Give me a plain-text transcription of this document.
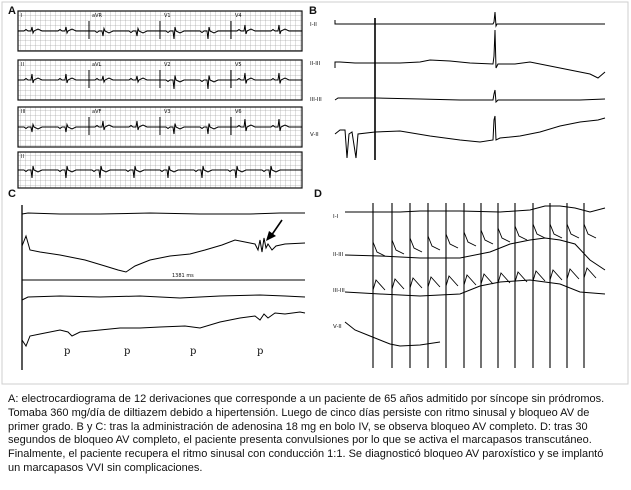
A I	aVR	V1	V4
II	aVL	V2	V5
III	aVF	V3	V6
II
B
I-II
II-III
III-III
V-II
C
1381 ms
p	p	p	p
D
I-I
II-III
III-III
V-II
A: electrocardiograma de 12 derivaciones que corresponde a un paciente de 65 años admitido por síncope sin pródromos.
Tomaba 360 mg/día de diltiazem debido a hipertensión. Luego de cinco días persiste con ritmo sinusal y bloqueo AV de
primer grado. B y C: tras la administración de adenosina 18 mg en bolo IV, se observa bloqueo AV completo. D: tras 30
segundos de bloqueo AV completo, el paciente presenta convulsiones por lo que se activa el marcapasos transcutáneo.
Finalmente, el paciente recupera el ritmo sinusal con conducción 1:1. Se diagnosticó bloqueo AV paroxístico y se implantó
un marcapasos VVI sin complicaciones.
